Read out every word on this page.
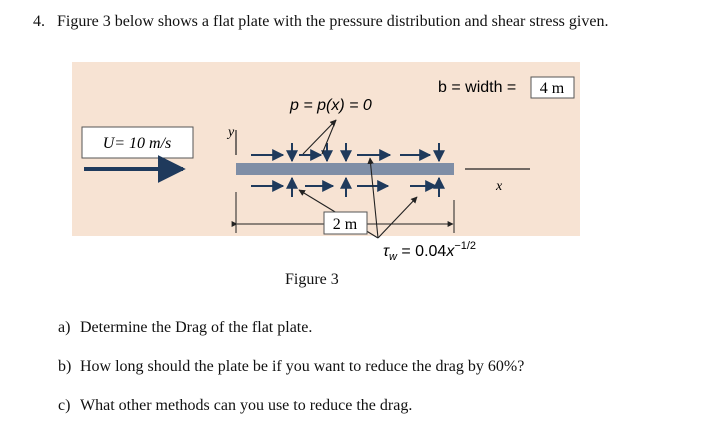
4. Figure 3 below shows a flat plate with the pressure distribution and shear stress given.
U= 10 m/s
b = width = 4 m
p = p(x) = 0
y
x
2 m
$\tau_w = 0.04x^{-1/2}$
Figure 3
a) Determine the Drag of the flat plate.
b) How long should the plate be if you want to reduce the drag by 60%?
c) What other methods can you use to reduce the drag.
